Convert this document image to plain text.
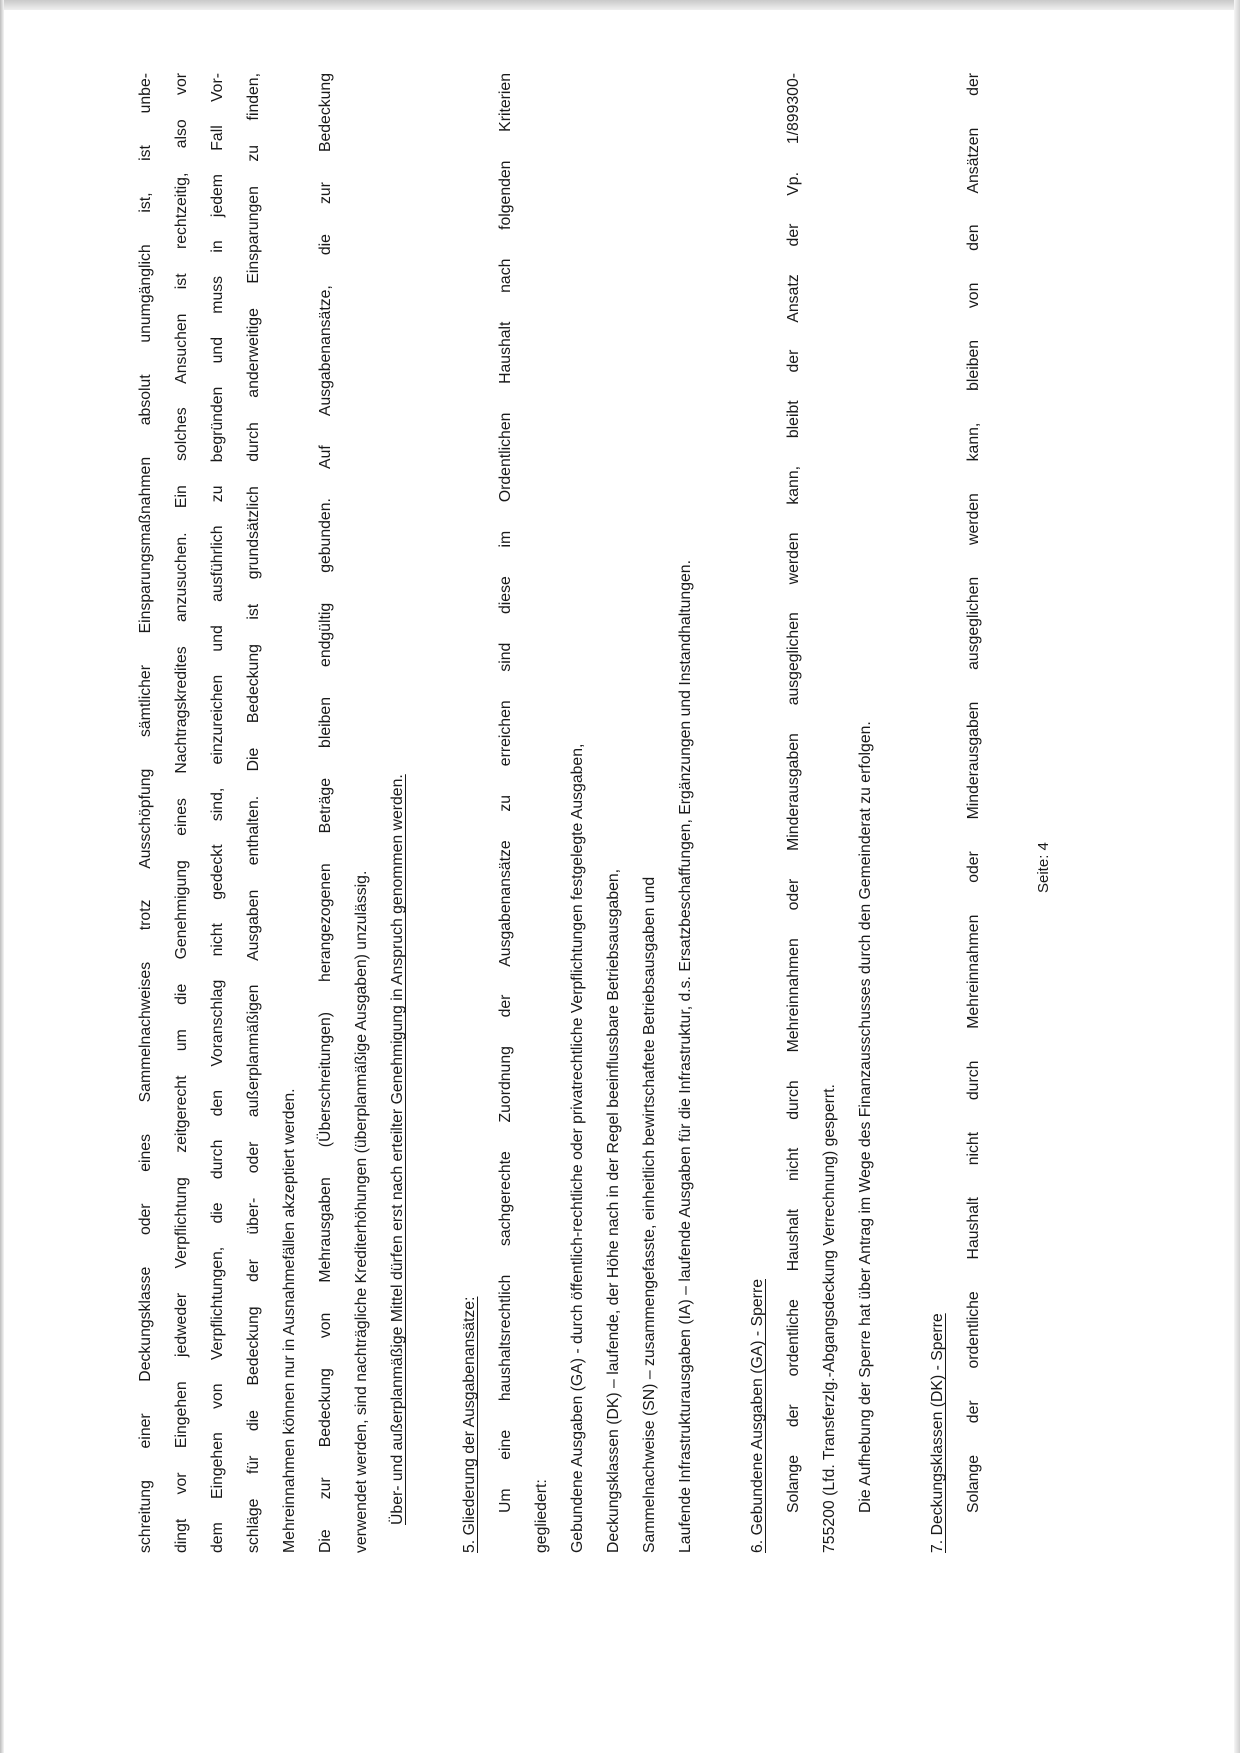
schreitung einer Deckungsklasse oder eines Sammelnachweises trotz Ausschöpfung sämtlicher Einsparungsmaßnahmen absolut unumgänglich ist, ist unbe-	dingt vor Eingehen jedweder Verpflichtung zeitgerecht um die Genehmigung eines Nachtragskredites anzusuchen. Ein solches Ansuchen ist rechtzeitig, also vor	dem Eingehen von Verpflichtungen, die durch den Voranschlag nicht gedeckt sind, einzureichen und ausführlich zu begründen und muss in jedem Fall Vor-	schläge für die Bedeckung der über- oder außerplanmäßigen Ausgaben enthalten. Die Bedeckung ist grundsätzlich durch anderweitige Einsparungen zu finden,	Mehreinnahmen können nur in Ausnahmefällen akzeptiert werden.	Die zur Bedeckung von Mehrausgaben (Überschreitungen) herangezogenen Beträge bleiben endgültig gebunden. Auf Ausgabenansätze, die zur Bedeckung	verwendet werden, sind nachträgliche Krediterhöhungen (überplanmäßige Ausgaben) unzulässig.	Über- und außerplanmäßige Mittel dürfen erst nach erteilter Genehmigung in Anspruch genommen werden.	5. Gliederung der Ausgabenansätze:	Um eine haushaltsrechtlich sachgerechte Zuordnung der Ausgabenansätze zu erreichen sind diese im Ordentlichen Haushalt nach folgenden Kriterien
gegliedert:	Gebundene Ausgaben (GA) - durch öffentlich-rechtliche oder privatrechtliche Verpflichtungen festgelegte Ausgaben,	Deckungsklassen (DK) – laufende, der Höhe nach in der Regel beeinflussbare Betriebsausgaben,	Sammelnachweise (SN) – zusammengefasste, einheitlich bewirtschaftete Betriebsausgaben und	Laufende Infrastrukturausgaben (IA) – laufende Ausgaben für die Infrastruktur, d.s. Ersatzbeschaffungen, Ergänzungen und Instandhaltungen.	6. Gebundene Ausgaben (GA) - Sperre	Solange der ordentliche Haushalt nicht durch Mehreinnahmen oder Minderausgaben ausgeglichen werden kann, bleibt der Ansatz der Vp. 1/899300-	755200 (Lfd. Transferzlg.-Abgangsdeckung Verrechnung) gesperrt.	Die Aufhebung der Sperre hat über Antrag im Wege des Finanzausschusses durch den Gemeinderat zu erfolgen.	7. Deckungsklassen (DK) - Sperre	Solange der ordentliche Haushalt nicht durch Mehreinnahmen oder Minderausgaben ausgeglichen werden kann, bleiben von den Ansätzen der	Seite: 4
